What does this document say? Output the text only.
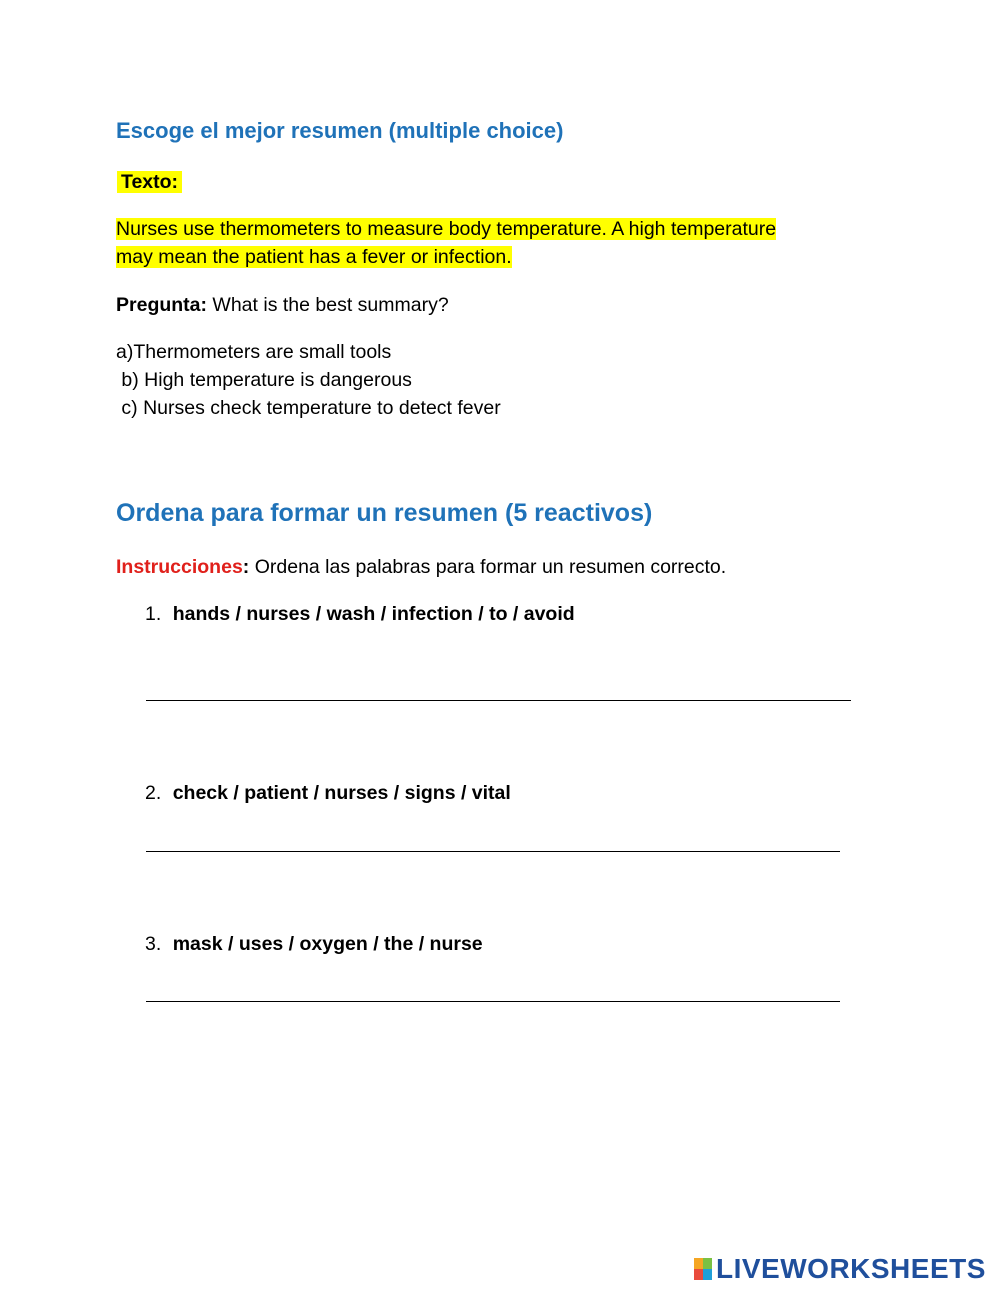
Escoge el mejor resumen (multiple choice)
Texto:
Nurses use thermometers to measure body temperature. A high temperature
may mean the patient has a fever or infection.
Pregunta: What is the best summary?
a)Thermometers are small tools
b) High temperature is dangerous
c) Nurses check temperature to detect fever
Ordena para formar un resumen (5 reactivos)
Instrucciones: Ordena las palabras para formar un resumen correcto.
1. hands / nurses / wash / infection / to / avoid
2. check / patient / nurses / signs / vital
3. mask / uses / oxygen / the / nurse
LIVEWORKSHEETS
